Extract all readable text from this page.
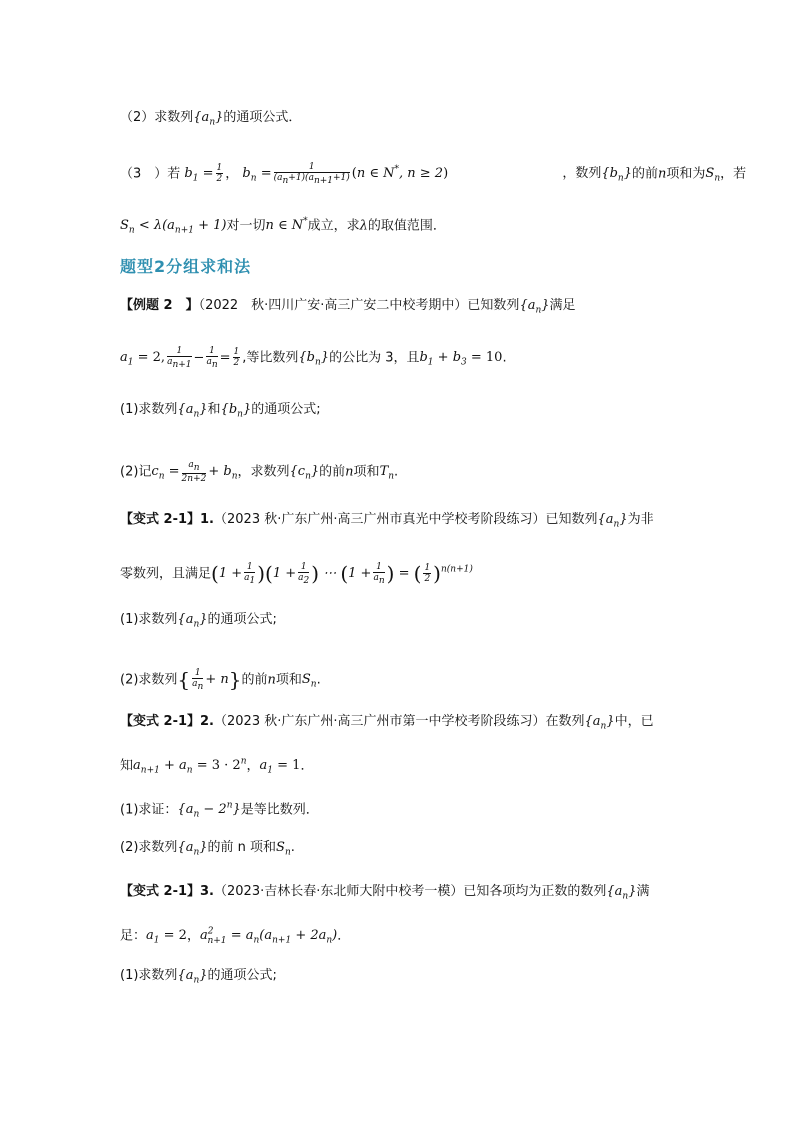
（2）求数列$\{a_n\}$的通项公式．
（3　）若 $b_1 = \frac{1}{2}$ ， $b_n = \frac{1}{(a_n+1)(a_{n+1}+1)} (n$ ∈ N*, n ≥ 2)	，数列$\{b_n\}$的前n项和为$S_n$，若
$S_n < \lambda(a_{n+1} + 1)$对一切n ∈ N*成立，求λ的取值范围．
题型2分组求和法
【例题 2　】（2022　秋·四川广安·高三广安二中校考期中）已知数列$\{a_n\}$满足
$a_1 = 2$, $\frac{1}{a_{n+1}} - \frac{1}{a_n} = \frac{1}{2}$ ,等比数列$\{b_n\}$的公比为 3，且$b_1 + b_3 = 10$.
(1)求数列$\{a_n\}$和$\{b_n\}$的通项公式;
(2)记$c_n = \frac{a_n}{2n+2} + b_n$，求数列$\{c_n\}$的前n项和$T_n$.
【变式 2-1】1.（2023 秋·广东广州·高三广州市真光中学校考阶段练习）已知数列$\{a_n\}$为非
零数列，且满足$(1 + \frac{1}{a_1} )(1 + \frac{1}{a_2}$ ) ⋯ ($1 + \frac{1}{a_n}$ ) = ( $\frac{1}{2} )^{n(n+1)}$
(1)求数列$\{a_n\}$的通项公式;
(2)求数列{ $\frac{1}{a_n} + n$}的前n项和$S_n$.
【变式 2-1】2.（2023 秋·广东广州·高三广州市第一中学校考阶段练习）在数列$\{a_n\}$中，已
知$a_{n+1} + a_n = 3 \cdot 2^n$，$a_1 = 1$．
(1)求证：$\{a_n - 2^n\}$是等比数列．
(2)求数列$\{a_n\}$的前 n 项和$S_n$.
【变式 2-1】3.（2023·吉林长春·东北师大附中校考一模）已知各项均为正数的数列$\{a_n\}$满
足：$a_1 = 2$，$a^2_{n+1} = a_n(a_{n+1} + 2a_n)$．
(1)求数列$\{a_n\}$的通项公式;
